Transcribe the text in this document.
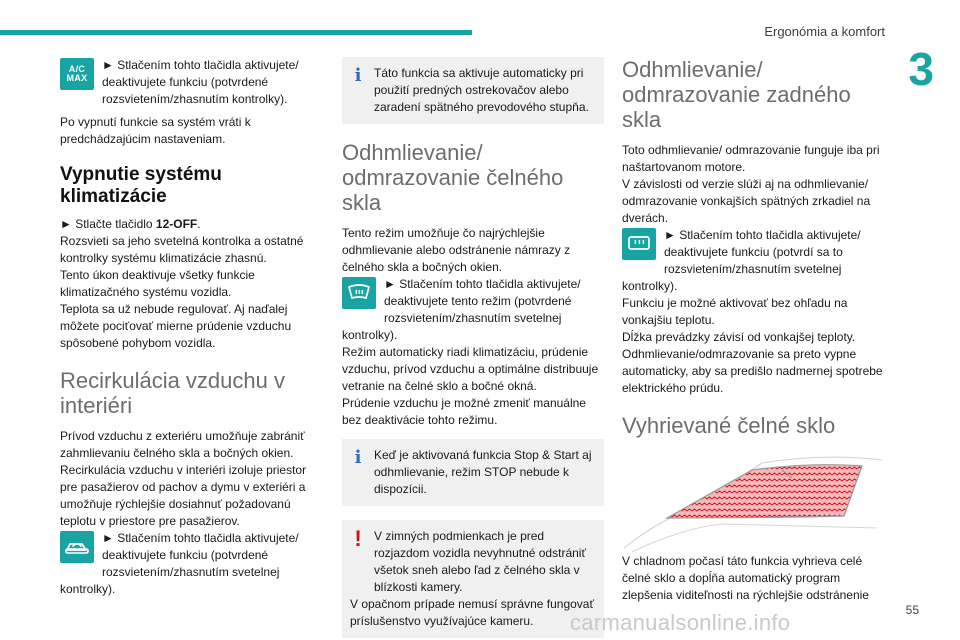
Ergonómia a komfort
3
A/C
MAX
► Stlačením tohto tlačidla aktivujete/
deaktivujete funkciu (potvrdené
rozsvietením/zhasnutím kontrolky).

Po vypnutí funkcie sa systém vráti k predchádzajúcim nastaveniam.

Vypnutie systému klimatizácie

► Stlačte tlačidlo 12-OFF.

Rozsvieti sa jeho svetelná kontrolka a ostatné kontrolky systému klimatizácie zhasnú.

Tento úkon deaktivuje všetky funkcie klimatizačného systému vozidla.

Teplota sa už nebude regulovať. Aj naďalej môžete pociťovať mierne prúdenie vzduchu spôsobené pohybom vozidla.

Recirkulácia vzduchu v interiéri

Prívod vzduchu z exteriéru umožňuje zabrániť zahmlievaniu čelného skla a bočných okien.

Recirkulácia vzduchu v interiéri izoluje priestor pre pasažierov od pachov a dymu v exteriéri a umožňuje rýchlejšie dosiahnuť požadovanú teplotu v priestore pre pasažierov.

► Stlačením tohto tlačidla aktivujete/
deaktivujete funkciu (potvrdené
rozsvietením/zhasnutím svetelnej kontrolky).
i	Táto funkcia sa aktivuje automaticky pri použití predných ostrekovačov alebo zaradení spätného prevodového stupňa.
Odhmlievanie/ odmrazovanie čelného skla

Tento režim umožňuje čo najrýchlejšie odhmlievanie alebo odstránenie námrazy z čelného skla a bočných okien.

► Stlačením tohto tlačidla aktivujete/
deaktivujete tento režim (potvrdené
rozsvietením/zhasnutím svetelnej kontrolky).

Režim automaticky riadi klimatizáciu, prúdenie vzduchu, prívod vzduchu a optimálne distribuuje vetranie na čelné sklo a bočné okná.

Prúdenie vzduchu je možné zmeniť manuálne bez deaktivácie tohto režimu.

i	Keď je aktivovaná funkcia Stop & Start aj odhmlievanie, režim STOP nebude k dispozícii.
!	V zimných podmienkach je pred rozjazdom vozidla nevyhnutné odstrániť všetok sneh alebo ľad z čelného skla v blízkosti kamery.
V opačnom prípade nemusí správne fungovať príslušenstvo využívajúce kameru.
Odhmlievanie/ odmrazovanie zadného skla

Toto odhmlievanie/ odmrazovanie funguje iba pri naštartovanom motore.

V závislosti od verzie slúži aj na odhmlievanie/ odmrazovanie vonkajších spätných zrkadiel na dverách.

► Stlačením tohto tlačidla aktivujete/
deaktivujete funkciu (potvrdí sa to
rozsvietením/zhasnutím svetelnej kontrolky).

Funkciu je možné aktivovať bez ohľadu na vonkajšiu teplotu.

Dĺžka prevádzky závisí od vonkajšej teploty.

Odhmlievanie/odmrazovanie sa preto vypne automaticky, aby sa predišlo nadmernej spotrebe elektrického prúdu.

Vyhrievané čelné sklo

V chladnom počasí táto funkcia vyhrieva celé čelné sklo a dopĺňa automatický program zlepšenia viditeľnosti na rýchlejšie odstránenie

carmanualsonline.info	55
